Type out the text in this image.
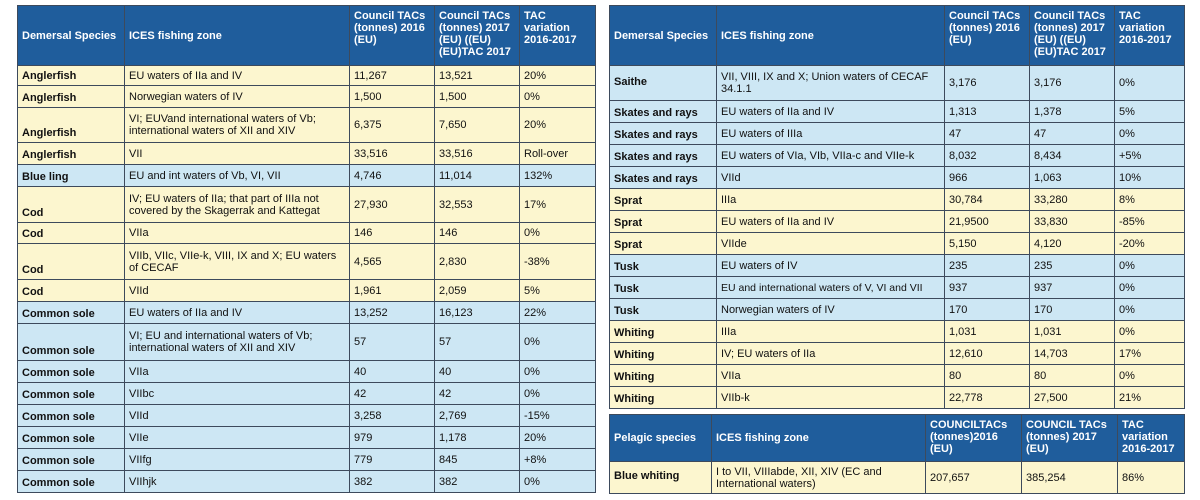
Demersal Species	ICES fishing zone	Council TACs (tonnes) 2016 (EU)	Council TACs (tonnes) 2017 (EU) ((EU) (EU)TAC 2017	TAC variation 2016-2017
Anglerfish	EU waters of IIa and IV	11,267	13,521	20%
Anglerfish	Norwegian waters of IV	1,500	1,500	0%
Anglerfish	VI; EUVand international waters of Vb; international waters of XII and XIV	6,375	7,650	20%
Anglerfish	VII	33,516	33,516	Roll-over
Blue ling	EU and int waters of Vb, VI, VII	4,746	11,014	132%
Cod	IV; EU waters of IIa; that part of IIIa not covered by the Skagerrak and Kattegat	27,930	32,553	17%
Cod	VIIa	146	146	0%
Cod	VIIb, VIIc, VIIe-k, VIII, IX and X; EU waters of CECAF	4,565	2,830	-38%
Cod	VIId	1,961	2,059	5%
Common sole	EU waters of IIa and IV	13,252	16,123	22%
Common sole	VI; EU and international waters of Vb; international waters of XII and XIV	57	57	0%
Common sole	VIIa	40	40	0%
Common sole	VIIbc	42	42	0%
Common sole	VIId	3,258	2,769	-15%
Common sole	VIIe	979	1,178	20%
Common sole	VIIfg	779	845	+8%
Common sole	VIIhjk	382	382	0%
Demersal Species	ICES fishing zone	Council TACs (tonnes) 2016 (EU)	Council TACs (tonnes) 2017 (EU) ((EU) (EU)TAC 2017	TAC variation 2016-2017
Saithe	VII, VIII, IX and X; Union waters of CECAF 34.1.1	3,176	3,176	0%
Skates and rays	EU waters of IIa and IV	1,313	1,378	5%
Skates and rays	EU waters of IIIa	47	47	0%
Skates and rays	EU waters of VIa, VIb, VIIa-c and VIIe-k	8,032	8,434	+5%
Skates and rays	VIId	966	1,063	10%
Sprat	IIIa	30,784	33,280	8%
Sprat	EU waters of IIa and IV	21,9500	33,830	-85%
Sprat	VIIde	5,150	4,120	-20%
Tusk	EU waters of IV	235	235	0%
Tusk	EU and international waters of V, VI and VII	937	937	0%
Tusk	Norwegian waters of IV	170	170	0%
Whiting	IIIa	1,031	1,031	0%
Whiting	IV; EU waters of IIa	12,610	14,703	17%
Whiting	VIIa	80	80	0%
Whiting	VIIb-k	22,778	27,500	21%
Pelagic species	ICES fishing zone	COUNCILTACs (tonnes)2016 (EU)	COUNCIL TACs (tonnes) 2017 (EU)	TAC variation 2016-2017
Blue whiting	I to VII, VIIIabde, XII, XIV (EC and International waters)	207,657	385,254	86%
